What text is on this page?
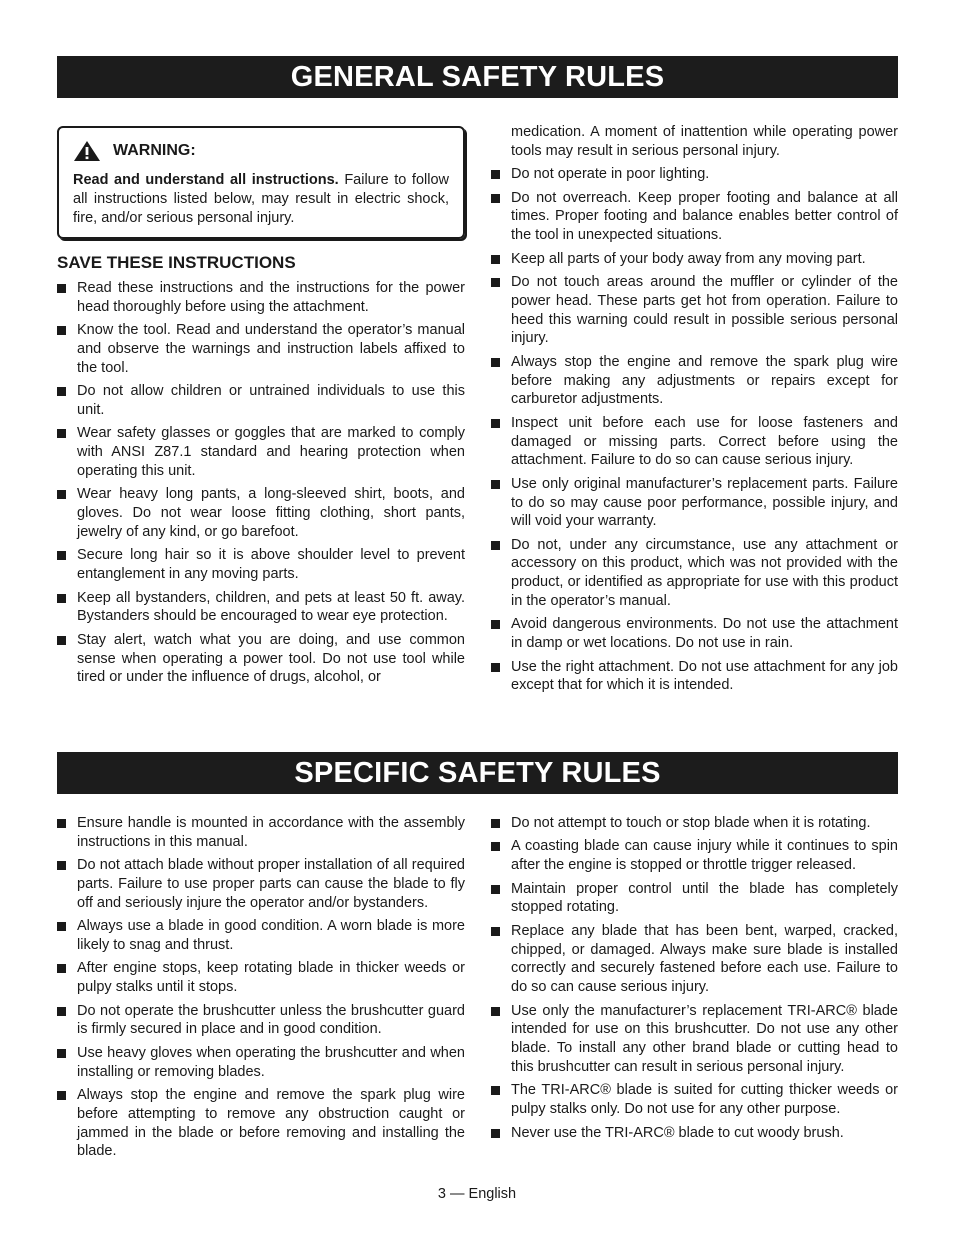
GENERAL SAFETY RULES
WARNING:
Read and understand all instructions. Failure to follow all instructions listed below, may result in electric shock, fire, and/or serious personal injury.
SAVE THESE INSTRUCTIONS
Read these instructions and the instructions for the power head thoroughly before using the attachment.
Know the tool. Read and understand the operator’s manual and observe the warnings and instruction labels affixed to the tool.
Do not allow children or untrained individuals to use this unit.
Wear safety glasses or goggles that are marked to comply with ANSI Z87.1 standard and hearing protection when operating this unit.
Wear heavy long pants, a long-sleeved shirt, boots, and gloves. Do not wear loose fitting clothing, short pants, jewelry of any kind, or go barefoot.
Secure long hair so it is above shoulder level to prevent entanglement in any moving parts.
Keep all bystanders, children, and pets at least 50 ft. away. Bystanders should be encouraged to wear eye protection.
Stay alert, watch what you are doing, and use common sense when operating a power tool. Do not use tool while tired or under the influence of drugs, alcohol, or
medication. A moment of inattention while operating power tools may result in serious personal injury.
Do not operate in poor lighting.
Do not overreach. Keep proper footing and balance at all times. Proper footing and balance enables better control of the tool in unexpected situations.
Keep all parts of your body away from any moving part.
Do not touch areas around the muffler or cylinder of the power head. These parts get hot from operation. Failure to heed this warning could result in possible serious personal injury.
Always stop the engine and remove the spark plug wire before making any adjustments or repairs except for carburetor adjustments.
Inspect unit before each use for loose fasteners and damaged or missing parts. Correct before using the attachment. Failure to do so can cause serious injury.
Use only original manufacturer’s replacement parts. Failure to do so may cause poor performance, possible injury, and will void your warranty.
Do not, under any circumstance, use any attachment or accessory on this product, which was not provided with the product, or identified as appropriate for use with this product in the operator’s manual.
Avoid dangerous environments. Do not use the attachment in damp or wet locations. Do not use in rain.
Use the right attachment. Do not use attachment for any job except that for which it is intended.
SPECIFIC SAFETY RULES
Ensure handle is mounted in accordance with the assembly instructions in this manual.
Do not attach blade without proper installation of all required parts. Failure to use proper parts can cause the blade to fly off and seriously injure the operator and/or bystanders.
Always use a blade in good condition. A worn blade is more likely to snag and thrust.
After engine stops, keep rotating blade in thicker weeds or pulpy stalks until it stops.
Do not operate the brushcutter unless the brushcutter guard is firmly secured in place and in good condition.
Use heavy gloves when operating the brushcutter and when installing or removing blades.
Always stop the engine and remove the spark plug wire before attempting to remove any obstruction caught or jammed in the blade or before removing and installing the blade.
Do not attempt to touch or stop blade when it is rotating.
A coasting blade can cause injury while it continues to spin after the engine is stopped or throttle trigger released.
Maintain proper control until the blade has completely stopped rotating.
Replace any blade that has been bent, warped, cracked, chipped, or damaged. Always make sure blade is installed correctly and securely fastened before each use. Failure to do so can cause serious injury.
Use only the manufacturer’s replacement TRI-ARC® blade intended for use on this brushcutter. Do not use any other blade. To install any other brand blade or cutting head to this brushcutter can result in serious personal injury.
The TRI-ARC® blade is suited for cutting thicker weeds or pulpy stalks only. Do not use for any other purpose.
Never use the TRI-ARC® blade to cut woody brush.
3 — English
